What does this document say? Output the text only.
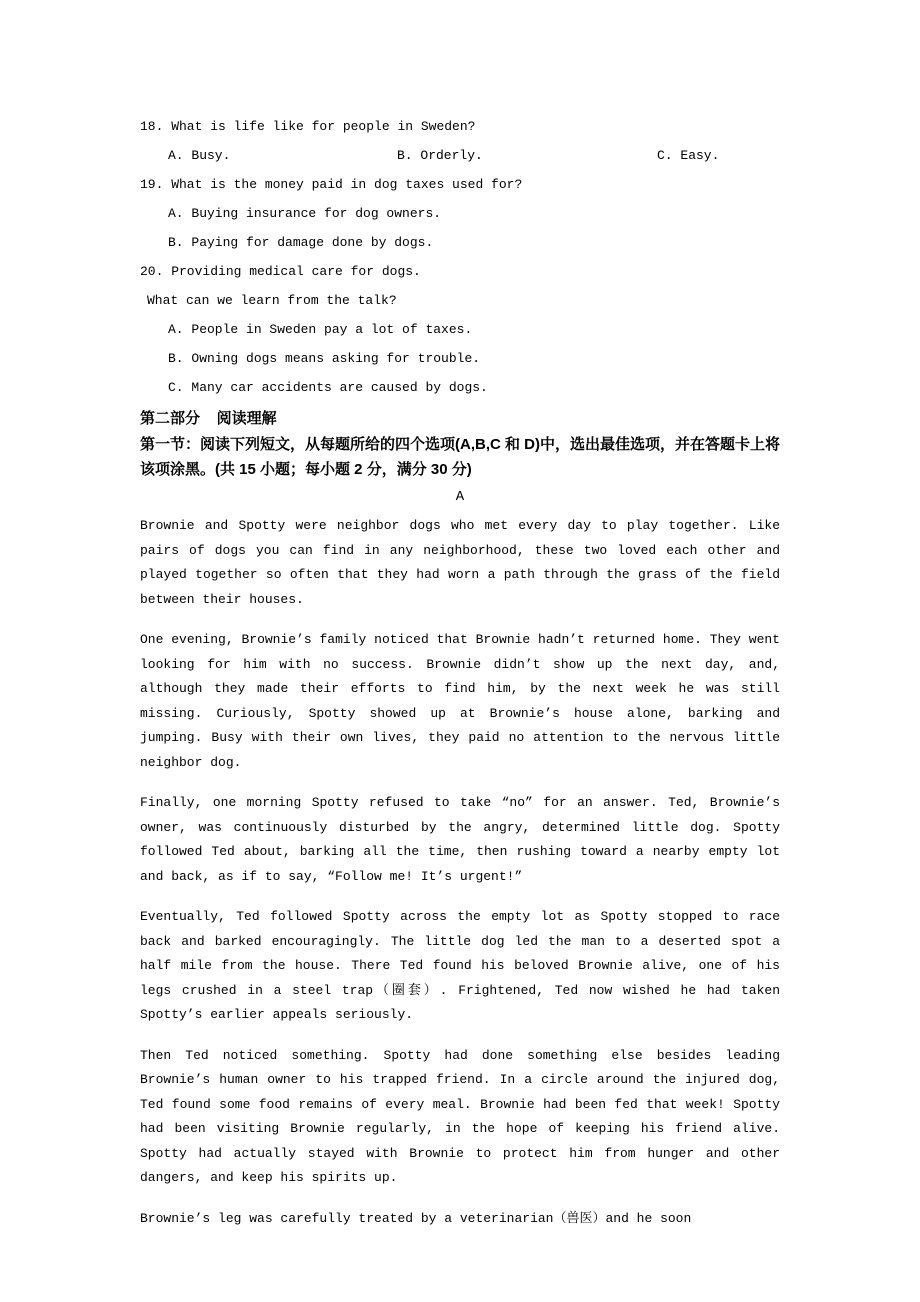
18. What is life like for people in Sweden?
A. Busy.	B. Orderly.	C. Easy.
19. What is the money paid in dog taxes used for?
A. Buying insurance for dog owners.
B. Paying for damage done by dogs.
20. Providing medical care for dogs.
What can we learn from the talk?
A. People in Sweden pay a lot of taxes.
B. Owning dogs means asking for trouble.
C. Many car accidents are caused by dogs.
第二部分    阅读理解
第一节：阅读下列短文，从每题所给的四个选项(A,B,C 和 D)中，选出最佳选项，并在答题卡上将该项涂黑。(共 15 小题；每小题 2 分，满分 30 分)
A

Brownie and Spotty were neighbor dogs who met every day to play together. Like pairs of dogs you can find in any neighborhood, these two loved each other and played together so often that they had worn a path through the grass of the field between their houses.

One evening, Brownie’s family noticed that Brownie hadn’t returned home. They went looking for him with no success. Brownie didn’t show up the next day, and, although they made their efforts to find him, by the next week he was still missing. Curiously, Spotty showed up at Brownie’s house alone, barking and jumping. Busy with their own lives, they paid no attention to the nervous little neighbor dog.

Finally, one morning Spotty refused to take “no” for an answer. Ted, Brownie’s owner, was continuously disturbed by the angry, determined little dog. Spotty followed Ted about, barking all the time, then rushing toward a nearby empty lot and back, as if to say, “Follow me! It’s urgent!”

Eventually, Ted followed Spotty across the empty lot as Spotty stopped to race back and barked encouragingly. The little dog led the man to a deserted spot a half mile from the house. There Ted found his beloved Brownie alive, one of his legs crushed in a steel trap（圈套）. Frightened, Ted now wished he had taken Spotty’s earlier appeals seriously.

Then Ted noticed something. Spotty had done something else besides leading Brownie’s human owner to his trapped friend. In a circle around the injured dog, Ted found some food remains of every meal. Brownie had been fed that week! Spotty had been visiting Brownie regularly, in the hope of keeping his friend alive. Spotty had actually stayed with Brownie to protect him from hunger and other dangers, and keep his spirits up.

Brownie’s leg was carefully treated by a veterinarian（兽医）and he soon
